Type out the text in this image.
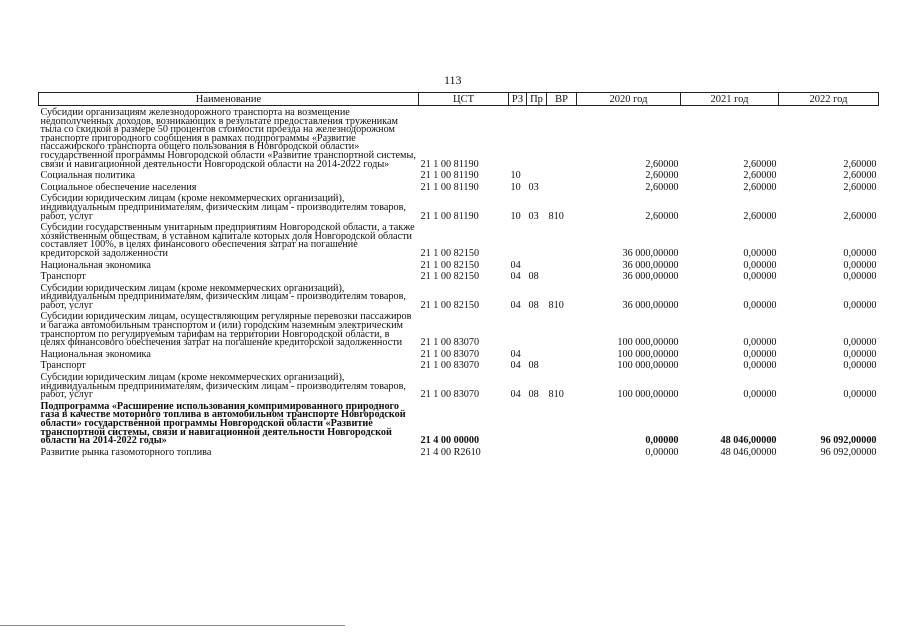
113
Наименование	ЦСТ	РЗ	Пр	ВР	2020 год	2021 год	2022 год
Субсидии организациям железнодорожного транспорта на возмещение недополученных доходов, возникающих в результате предоставления труженикам тыла со скидкой в размере 50 процентов стоимости проезда на железнодорожном транспорте пригородного сообщения в рамках подпрограммы «Развитие пассажирского транспорта общего пользования в Новгородской области» государственной программы Новгородской области «Развитие транспортной системы, связи и навигационной деятельности Новгородской области на 2014-2022 годы»	21 1 00 81190				2,60000	2,60000	2,60000
Социальная политика	21 1 00 81190	10			2,60000	2,60000	2,60000
Социальное обеспечение населения	21 1 00 81190	10	03		2,60000	2,60000	2,60000
Субсидии юридическим лицам (кроме некоммерческих организаций), индивидуальным предпринимателям, физическим лицам - производителям товаров, работ, услуг	21 1 00 81190	10	03	810	2,60000	2,60000	2,60000
Субсидии государственным унитарным предприятиям Новгородской области, а также хозяйственным обществам, в уставном капитале которых доля Новгородской области составляет 100%, в целях финансового обеспечения затрат на погашение кредиторской задолженности	21 1 00 82150				36 000,00000	0,00000	0,00000
Национальная экономика	21 1 00 82150	04			36 000,00000	0,00000	0,00000
Транспорт	21 1 00 82150	04	08		36 000,00000	0,00000	0,00000
Субсидии юридическим лицам (кроме некоммерческих организаций), индивидуальным предпринимателям, физическим лицам - производителям товаров, работ, услуг	21 1 00 82150	04	08	810	36 000,00000	0,00000	0,00000
Субсидии юридическим лицам, осуществляющим регулярные перевозки пассажиров и багажа автомобильным транспортом и (или) городским наземным электрическим транспортом по регулируемым тарифам на территории Новгородской области, в целях финансового обеспечения затрат на погашение кредиторской задолженности	21 1 00 83070				100 000,00000	0,00000	0,00000
Национальная экономика	21 1 00 83070	04			100 000,00000	0,00000	0,00000
Транспорт	21 1 00 83070	04	08		100 000,00000	0,00000	0,00000
Субсидии юридическим лицам (кроме некоммерческих организаций), индивидуальным предпринимателям, физическим лицам - производителям товаров, работ, услуг	21 1 00 83070	04	08	810	100 000,00000	0,00000	0,00000
Подпрограмма «Расширение использования компримированного природного газа в качестве моторного топлива в автомобильном транспорте Новгородской области» государственной программы Новгородской области «Развитие транспортной системы, связи и навигационной деятельности Новгородской области на 2014-2022 годы»	21 4 00 00000				0,00000	48 046,00000	96 092,00000
Развитие рынка газомоторного топлива	21 4 00 R2610				0,00000	48 046,00000	96 092,00000
